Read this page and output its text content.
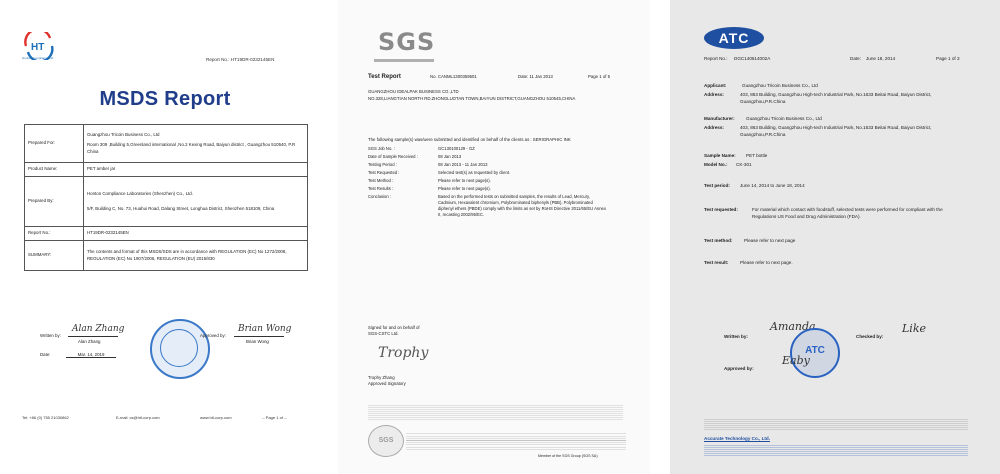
HT
Honton Compliance Ltd	Report No.: HT19DR-0232145EN
MSDS Report
Prepared For:	Guangzhou Tricoin Business Co., Ltd
Room 309 ,Building 5,Greenland international ,No.2 Kexing Road, Baiyun district , Guangzhou 510540, P.R China

Product Name:	PET amber jar
Prepared By:	Honton Compliance Laboratories (Shenzhen) Co., Ltd.
5/F, Building C, No. 73, Huahui Road, Dalang Street, Longhua District, Shenzhen 518109, China

Report No.:	HT19DR-0232145EN
SUMMARY:	The contents and format of this MSDS/SDS are in accordance with REGULATION (EC) No 1272/2008, REGULATION (EC) No 1907/2006, REGULATION (EU) 2015/830
Written by:
Alan Zhang
Alan Zhang
Approved by:
Brian Wong
Brian Wong
Date:	Mar. 14, 2019
Tel: +86 (0) 755 21030862	E-mail: cs@htl-corp.com	www.htl-corp.com	-- Page 1 of --
SGS
Test Report	No. CANML1300359501	Date: 11 Jan 2013	Page 1 of 5
GUANGZHOU IDEALPAK BUSINESS CO.,LTD
NO.328,LIANGTIAN NORTH RD.ZHONGLUOTAN TOWN,BAIYUN DISTRICT,GUANGZHOU 510545,CHINA
The following sample(s) was/were submitted and identified on behalf of the clients as : SERIGRAPHIC INK
SGS Job No. :	GC130100129 - GZ
Date of Sample Received :	08 Jan 2013
Testing Period :	08 Jan 2013 - 11 Jan 2013
Test Requested :	Selected test(s) as requested by client.
Test Method :	Please refer to next page(s).
Test Results :	Please refer to next page(s).
Conclusion :	Based on the performed tests on submitted samples, the results of Lead, Mercury, Cadmium, Hexavalent chromium, Polybrominated biphenyls (PBB), Polybrominated diphenyl ethers (PBDE) comply with the limits as set by RoHS Directive 2011/65/EU Annex II, recasting 2002/95/EC.
Signed for and on behalf of
SGS-CSTC Ltd.
Trophy
Trophy Zhang
Approved Signatory
SGS
Member of the SGS Group (SGS SA)
ATC
Report No.: DGC140614002A	Date: June 18, 2014	Page 1 of 3
Applicant:	Guangzhou Tricoin Business Co., Ltd
Address:	403, 863 Building, Guangzhou High-tech Industrial Park, No.1633 Beitai Road, Baiyun District, Guangzhou,P.R.China
Manufacturer: Guangzhou Tricoin Business Co., Ltd
Address:	403, 863 Building, Guangzhou High-tech Industrial Park, No.1633 Beitai Road, Baiyun District, Guangzhou,P.R.China
Sample Name: PET bottle
Model No.: CK-301
Test period: June 14, 2014 to June 18, 2014
Test requested:	For material which contact with foodstuff, selected tests were performed for compliant with the Regulations US Food and Drug Administration (FDA).
Test method:	Please refer to next page
Test result:	Please refer to next page.
Written by:
Amanda
ATC
Checked by:
Like
Approved by:
Eaby
Accurate Technology Co., Ltd.
